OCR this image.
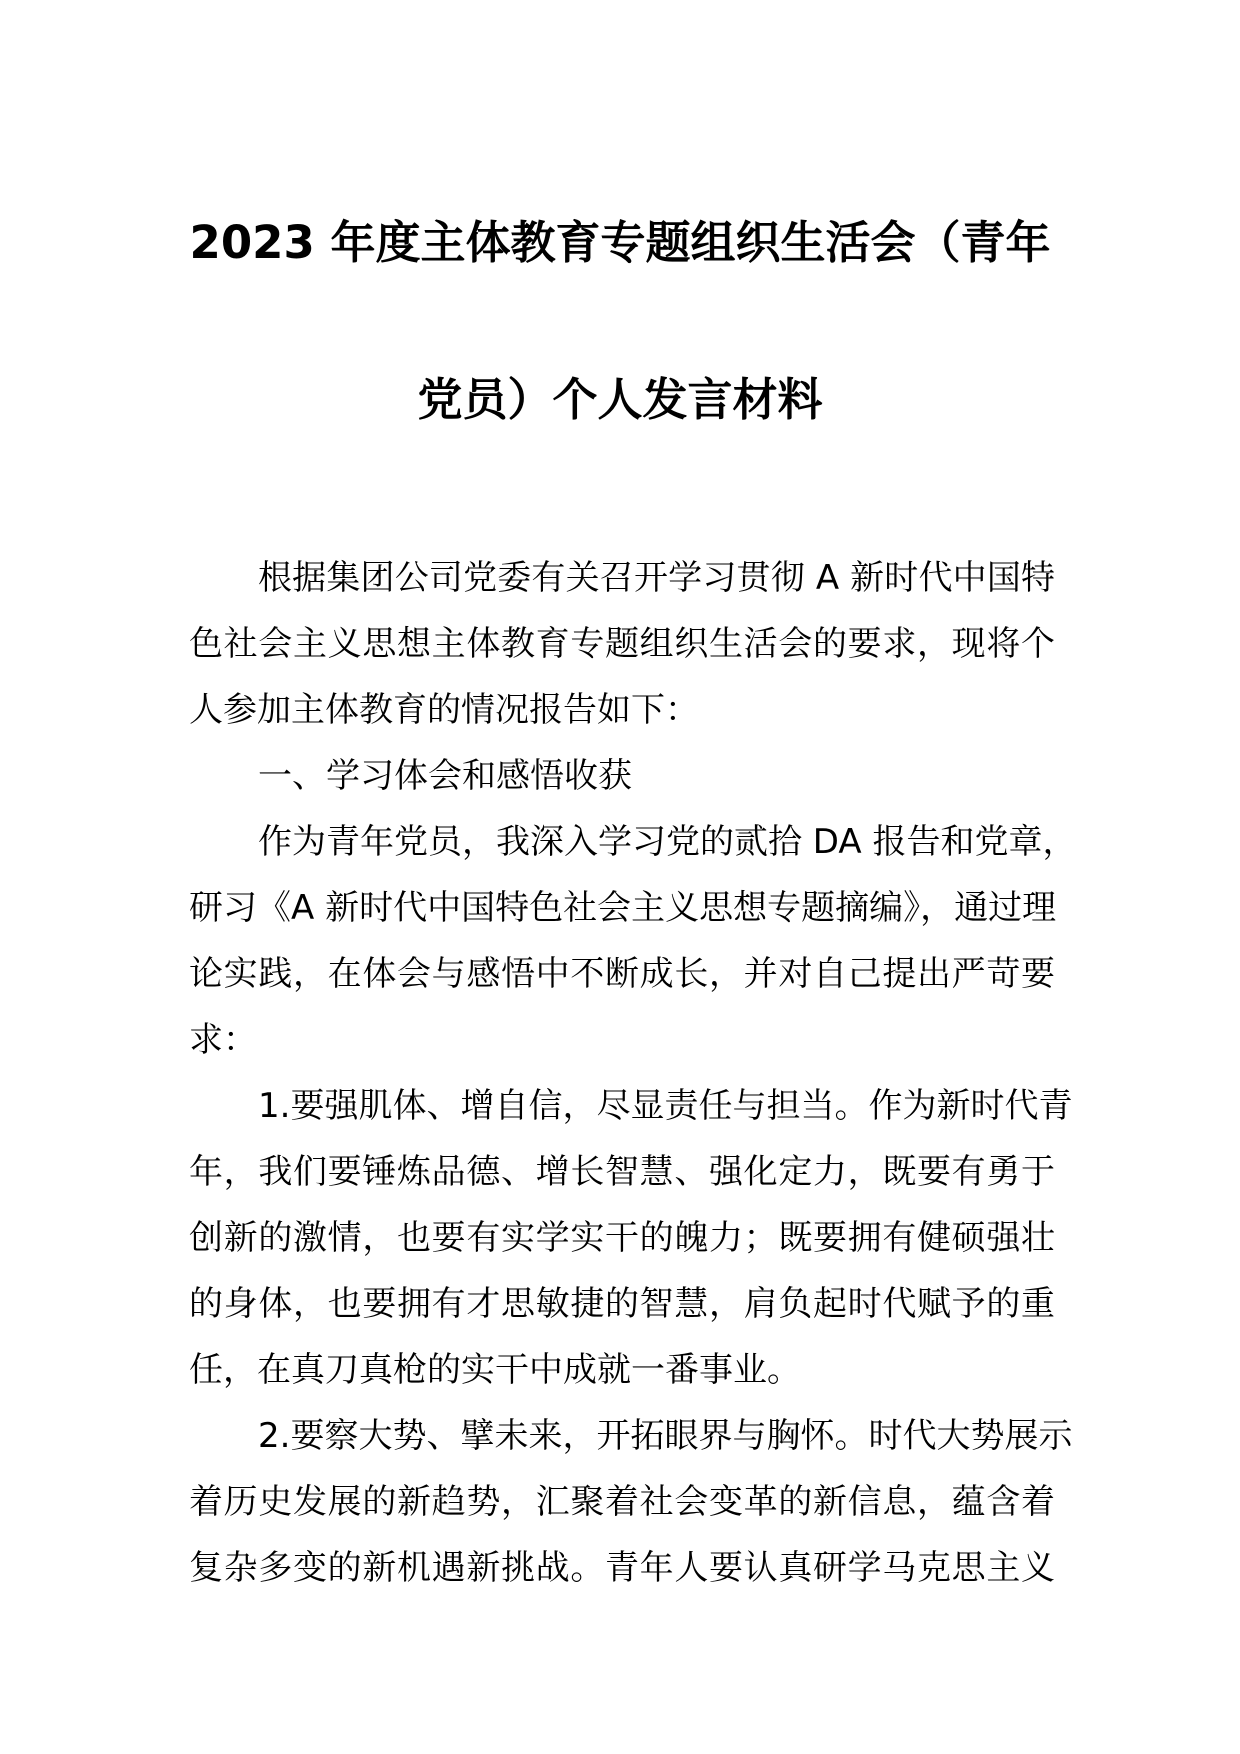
2023 年度主体教育专题组织生活会（青年
党员）个人发言材料
根据集团公司党委有关召开学习贯彻 A 新时代中国特
色社会主义思想主体教育专题组织生活会的要求，现将个
人参加主体教育的情况报告如下：
一、学习体会和感悟收获
作为青年党员，我深入学习党的贰拾 DA 报告和党章，
研习《A 新时代中国特色社会主义思想专题摘编》，通过理
论实践，在体会与感悟中不断成长，并对自己提出严苛要
求：
1.要强肌体、增自信，尽显责任与担当。作为新时代青
年，我们要锤炼品德、增长智慧、强化定力，既要有勇于
创新的激情，也要有实学实干的魄力；既要拥有健硕强壮
的身体，也要拥有才思敏捷的智慧，肩负起时代赋予的重
任，在真刀真枪的实干中成就一番事业。
2.要察大势、擘未来，开拓眼界与胸怀。时代大势展示
着历史发展的新趋势，汇聚着社会变革的新信息，蕴含着
复杂多变的新机遇新挑战。青年人要认真研学马克思主义
